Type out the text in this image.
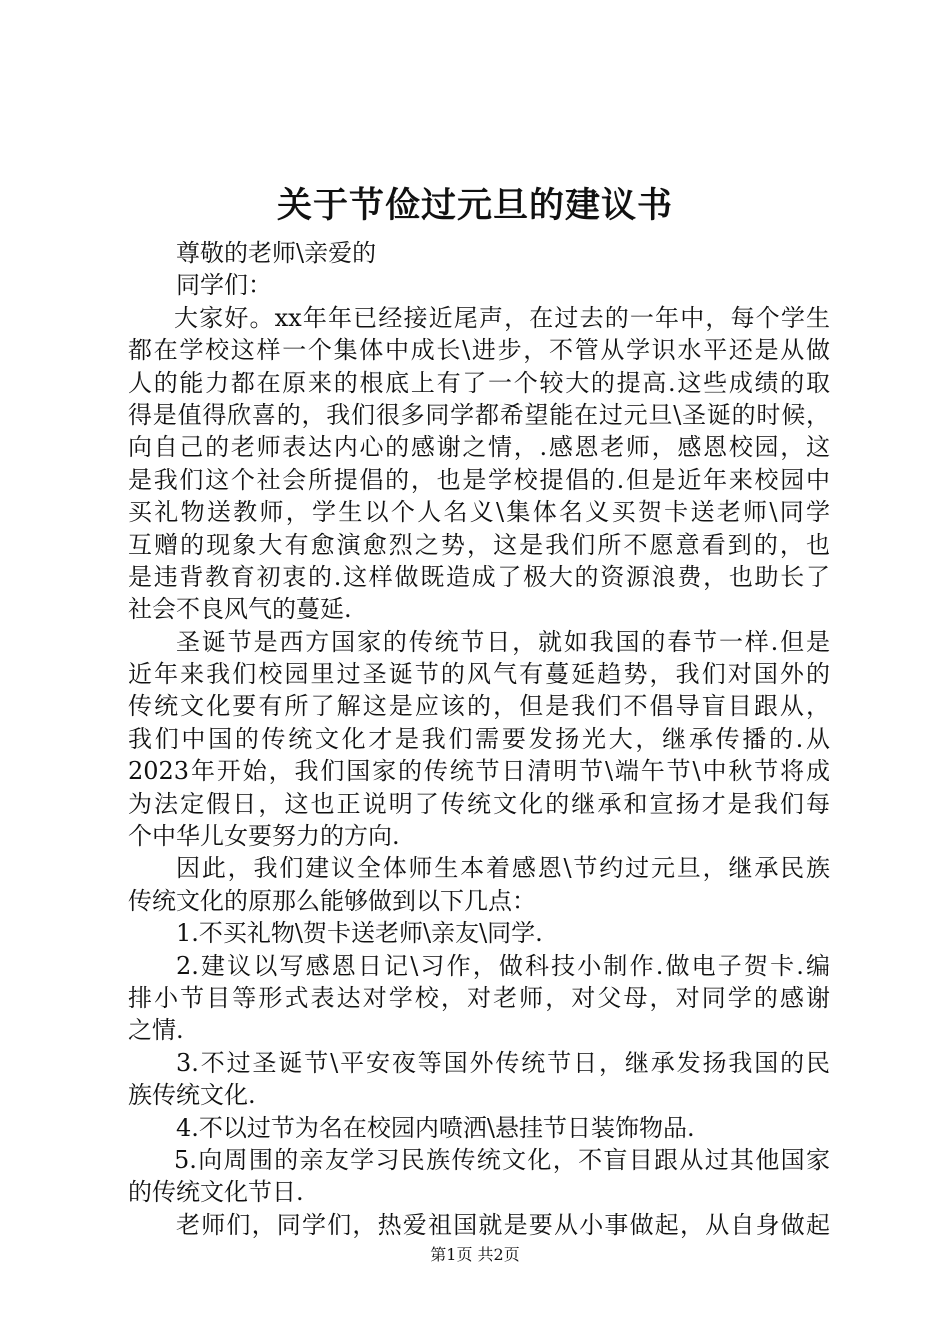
关于节俭过元旦的建议书
尊敬的老师\亲爱的
同学们：
大家好。xx年年已经接近尾声，在过去的一年中，每个学生
都在学校这样一个集体中成长\进步，不管从学识水平还是从做
人的能力都在原来的根底上有了一个较大的提高.这些成绩的取
得是值得欣喜的，我们很多同学都希望能在过元旦\圣诞的时候，
向自己的老师表达内心的感谢之情，.感恩老师，感恩校园，这
是我们这个社会所提倡的，也是学校提倡的.但是近年来校园中
买礼物送教师，学生以个人名义\集体名义买贺卡送老师\同学
互赠的现象大有愈演愈烈之势，这是我们所不愿意看到的，也
是违背教育初衷的.这样做既造成了极大的资源浪费，也助长了
社会不良风气的蔓延.
圣诞节是西方国家的传统节日，就如我国的春节一样.但是
近年来我们校园里过圣诞节的风气有蔓延趋势，我们对国外的
传统文化要有所了解这是应该的，但是我们不倡导盲目跟从，
我们中国的传统文化才是我们需要发扬光大，继承传播的.从
2023年开始，我们国家的传统节日清明节\端午节\中秋节将成
为法定假日，这也正说明了传统文化的继承和宣扬才是我们每
个中华儿女要努力的方向.
因此，我们建议全体师生本着感恩\节约过元旦，继承民族
传统文化的原那么能够做到以下几点：
1.不买礼物\贺卡送老师\亲友\同学.
2.建议以写感恩日记\习作，做科技小制作.做电子贺卡.编
排小节目等形式表达对学校，对老师，对父母，对同学的感谢
之情.
3.不过圣诞节\平安夜等国外传统节日，继承发扬我国的民
族传统文化.
4.不以过节为名在校园内喷洒\悬挂节日装饰物品.
5.向周围的亲友学习民族传统文化，不盲目跟从过其他国家
的传统文化节日.
老师们，同学们，热爱祖国就是要从小事做起，从自身做起
第1页 共2页
